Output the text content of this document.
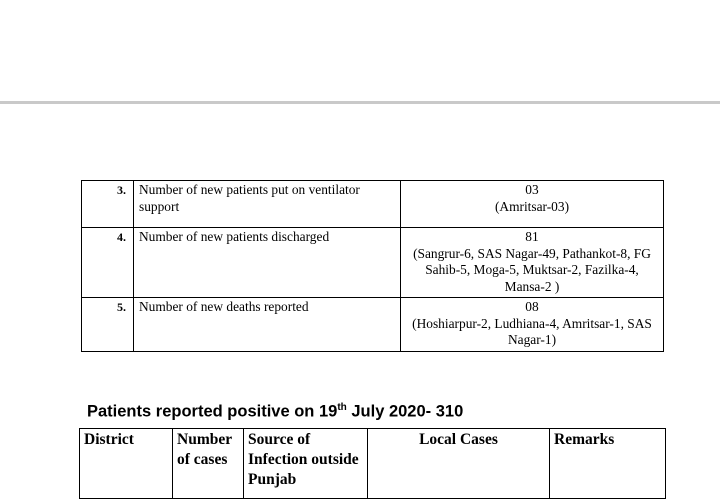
3.	Number of new patients put on ventilator support	03
(Amritsar-03)

4.	Number of new patients discharged	81
(Sangrur-6, SAS Nagar-49, Pathankot-8, FG Sahib-5, Moga-5, Muktsar-2, Fazilka-4, Mansa-2 )

5.	Number of new deaths reported	08
(Hoshiarpur-2, Ludhiana-4, Amritsar-1, SAS Nagar-1)
Patients reported positive on 19th July 2020- 310
District	Number of cases	Source of Infection outside Punjab	Local Cases	Remarks
